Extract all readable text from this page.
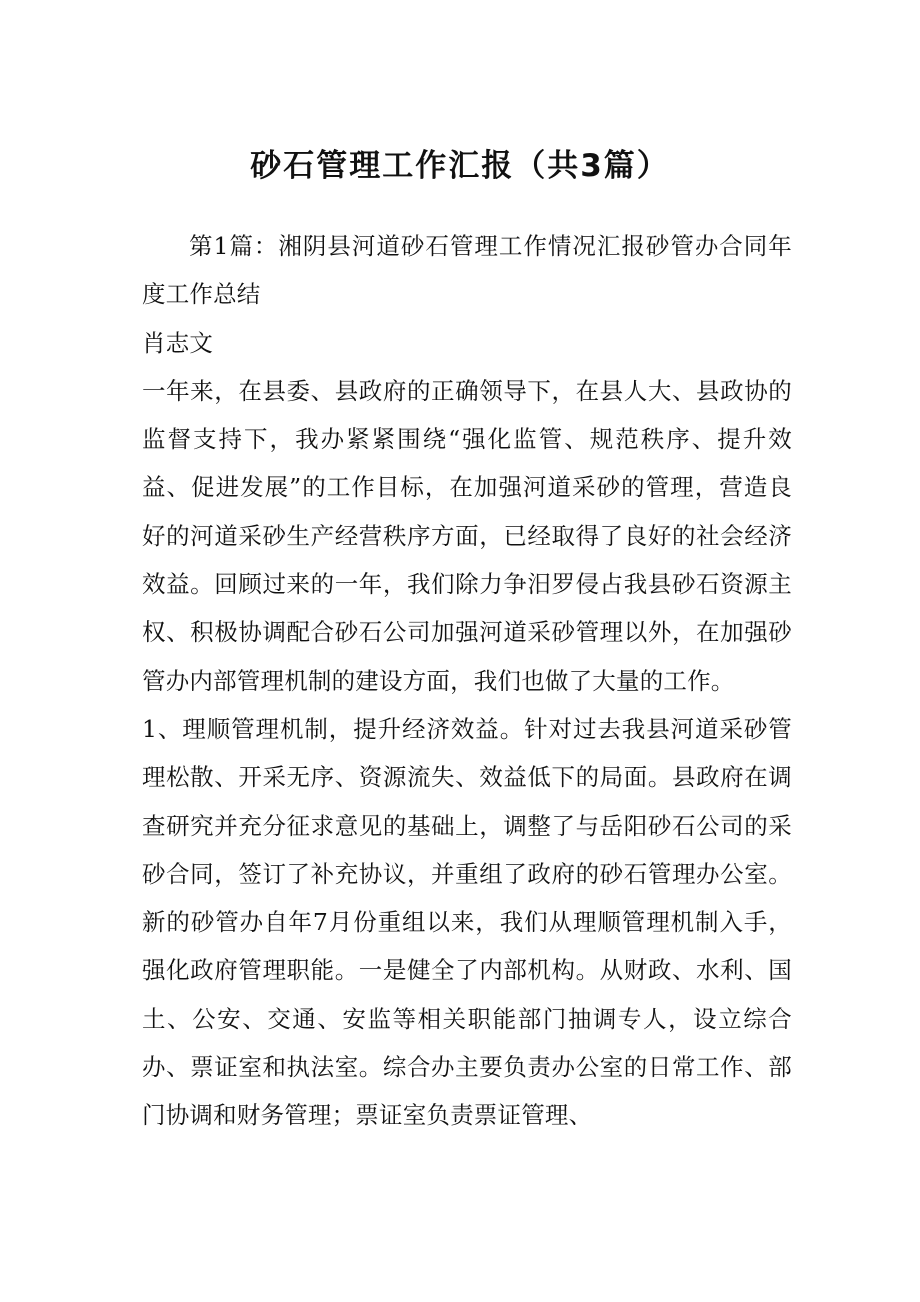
砂石管理工作汇报（共3篇）

第1篇：湘阴县河道砂石管理工作情况汇报砂管办合同年度工作总结

肖志文

一年来，在县委、县政府的正确领导下，在县人大、县政协的监督支持下，我办紧紧围绕“强化监管、规范秩序、提升效益、促进发展”的工作目标，在加强河道采砂的管理，营造良好的河道采砂生产经营秩序方面，已经取得了良好的社会经济效益。回顾过来的一年，我们除力争汨罗侵占我县砂石资源主权、积极协调配合砂石公司加强河道采砂管理以外，在加强砂管办内部管理机制的建设方面，我们也做了大量的工作。

1、理顺管理机制，提升经济效益。针对过去我县河道采砂管理松散、开采无序、资源流失、效益低下的局面。县政府在调查研究并充分征求意见的基础上，调整了与岳阳砂石公司的采砂合同，签订了补充协议，并重组了政府的砂石管理办公室。新的砂管办自年7月份重组以来，我们从理顺管理机制入手，强化政府管理职能。一是健全了内部机构。从财政、水利、国土、公安、交通、安监等相关职能部门抽调专人，设立综合办、票证室和执法室。综合办主要负责办公室的日常工作、部门协调和财务管理；票证室负责票证管理、
